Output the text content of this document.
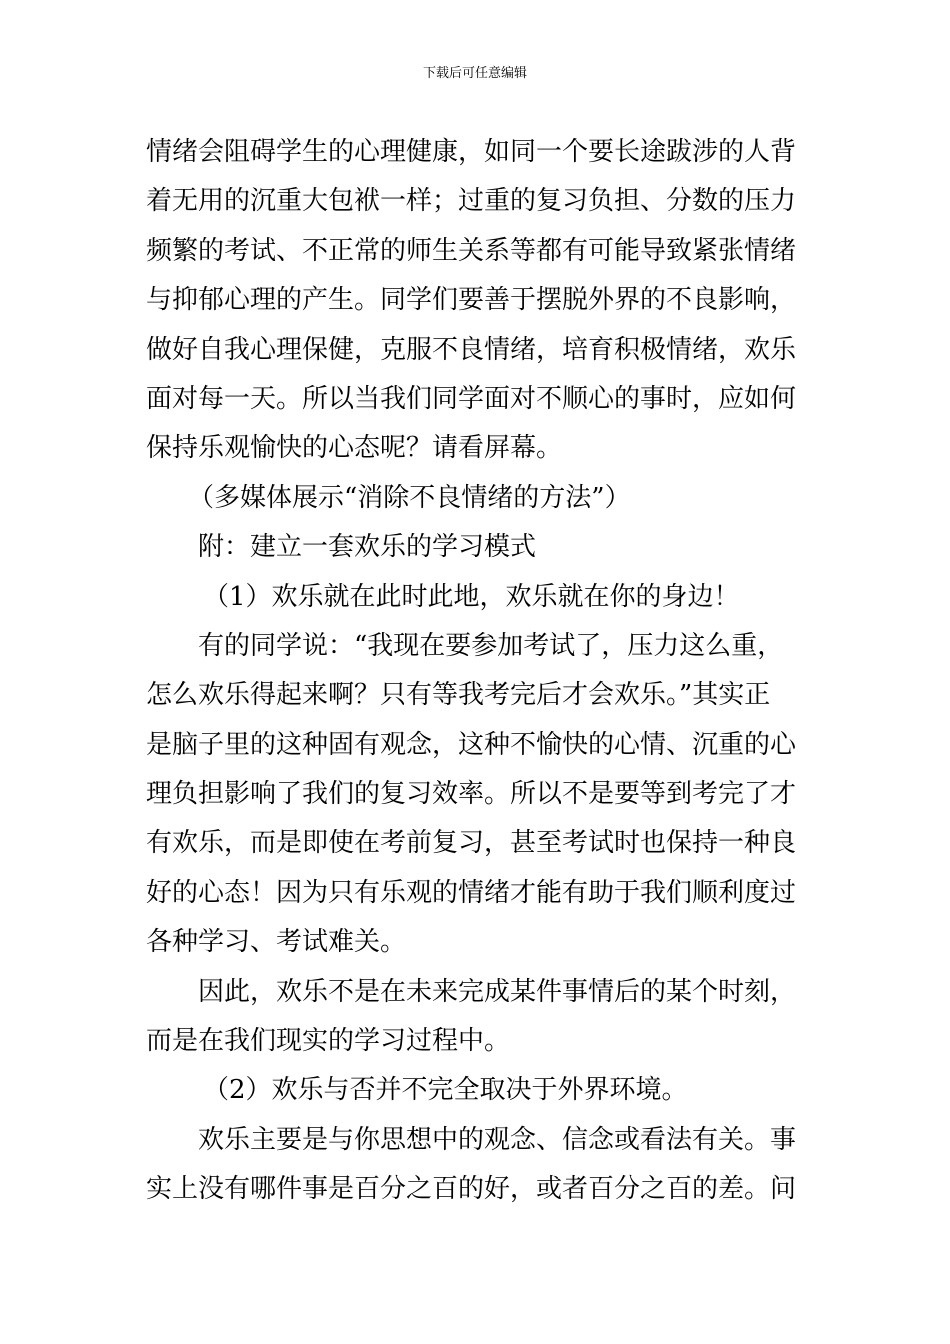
下载后可任意编辑
情绪会阻碍学生的心理健康，如同一个要长途跋涉的人背
着无用的沉重大包袱一样；过重的复习负担、分数的压力
频繁的考试、不正常的师生关系等都有可能导致紧张情绪
与抑郁心理的产生。同学们要善于摆脱外界的不良影响，
做好自我心理保健，克服不良情绪，培育积极情绪，欢乐
面对每一天。所以当我们同学面对不顺心的事时，应如何
保持乐观愉快的心态呢？请看屏幕。
（多媒体展示“消除不良情绪的方法”）
附：建立一套欢乐的学习模式
（1）欢乐就在此时此地，欢乐就在你的身边！
有的同学说：“我现在要参加考试了，压力这么重，
怎么欢乐得起来啊？只有等我考完后才会欢乐。”其实正
是脑子里的这种固有观念，这种不愉快的心情、沉重的心
理负担影响了我们的复习效率。所以不是要等到考完了才
有欢乐，而是即使在考前复习，甚至考试时也保持一种良
好的心态！因为只有乐观的情绪才能有助于我们顺利度过
各种学习、考试难关。
因此，欢乐不是在未来完成某件事情后的某个时刻，
而是在我们现实的学习过程中。
（2）欢乐与否并不完全取决于外界环境。
欢乐主要是与你思想中的观念、信念或看法有关。事
实上没有哪件事是百分之百的好，或者百分之百的差。问
